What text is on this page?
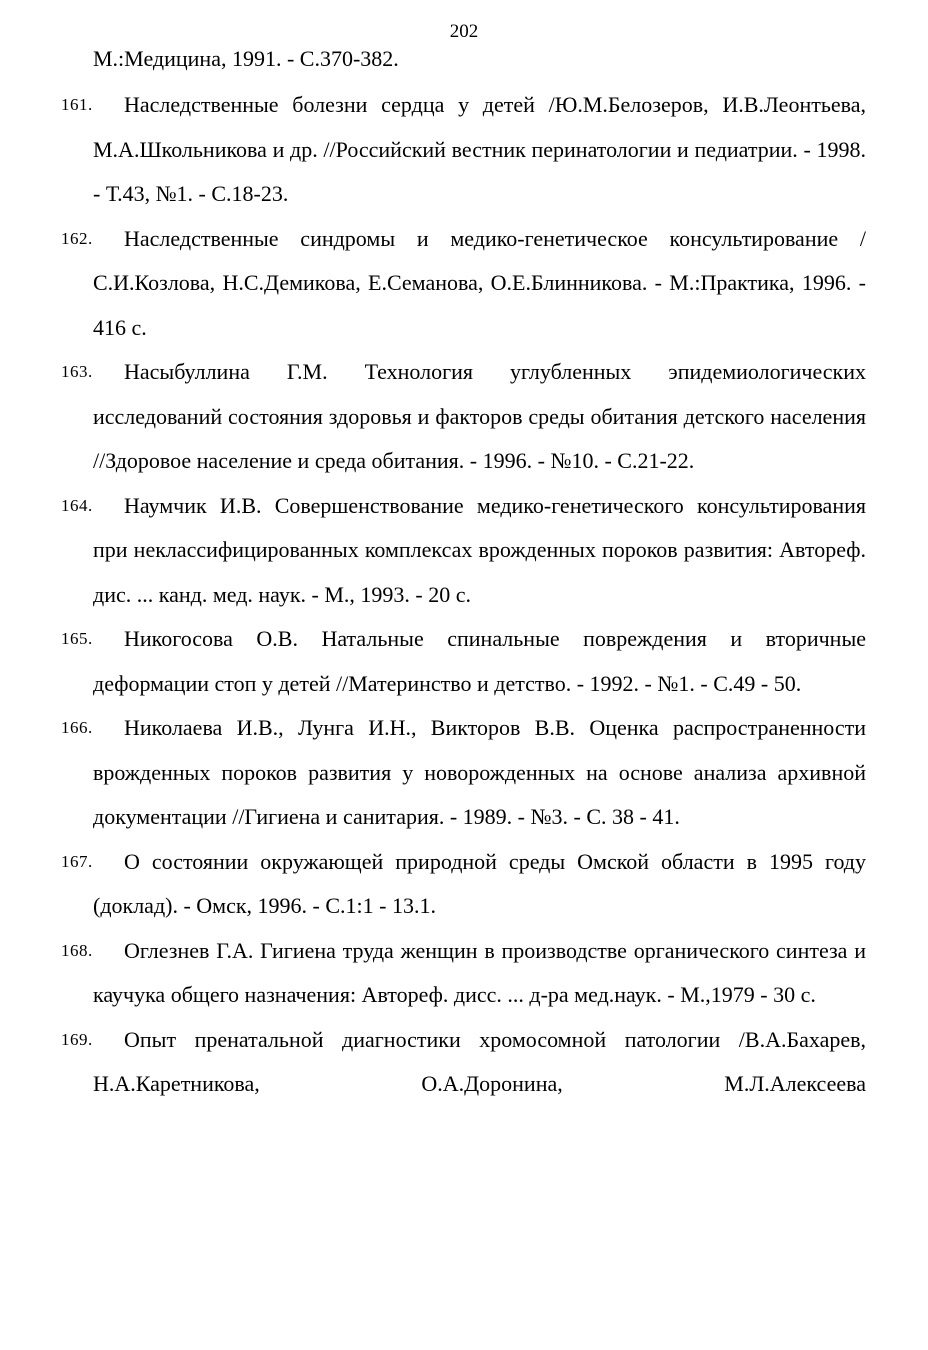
202
М.:Медицина, 1991. - С.370-382.
161.	Наследственные болезни сердца у детей /Ю.М.Белозеров, И.В.Леонтьева, М.А.Школьникова и др. //Российский вестник перинатологии и педиатрии. - 1998. - Т.43, №1. - С.18-23.
162.	Наследственные синдромы и медико-генетическое консультирование /С.И.Козлова, Н.С.Демикова, Е.Семанова, О.Е.Блинникова. - М.:Практика, 1996. - 416 с.
163.	Насыбуллина Г.М. Технология углубленных эпидемиологических исследований состояния здоровья и факторов среды обитания детского населения //Здоровое население и среда обитания. - 1996. - №10. - С.21-22.
164.	Наумчик И.В. Совершенствование медико-генетического консультирования при неклассифицированных комплексах врожденных пороков развития: Автореф. дис. ... канд. мед. наук. - М., 1993. - 20 с.
165.	Никогосова О.В. Натальные спинальные повреждения и вторичные деформации стоп у детей //Материнство и детство. - 1992. - №1. - С.49 - 50.
166.	Николаева И.В., Лунга И.Н., Викторов В.В. Оценка распространенности врожденных пороков развития у новорожденных на основе анализа архивной документации //Гигиена и санитария. - 1989. - №3. - С. 38 - 41.
167.	О состоянии окружающей природной среды Омской области в 1995 году (доклад). - Омск, 1996. - С.1:1 - 13.1.
168.	Оглезнев Г.А. Гигиена труда женщин в производстве органического синтеза и каучука общего назначения: Автореф. дисс. ... д-ра мед.наук. - М.,1979 - 30 с.
169.	Опыт пренатальной диагностики хромосомной патологии /В.А.Бахарев, Н.А.Каретникова, О.А.Доронина, М.Л.Алексеева
